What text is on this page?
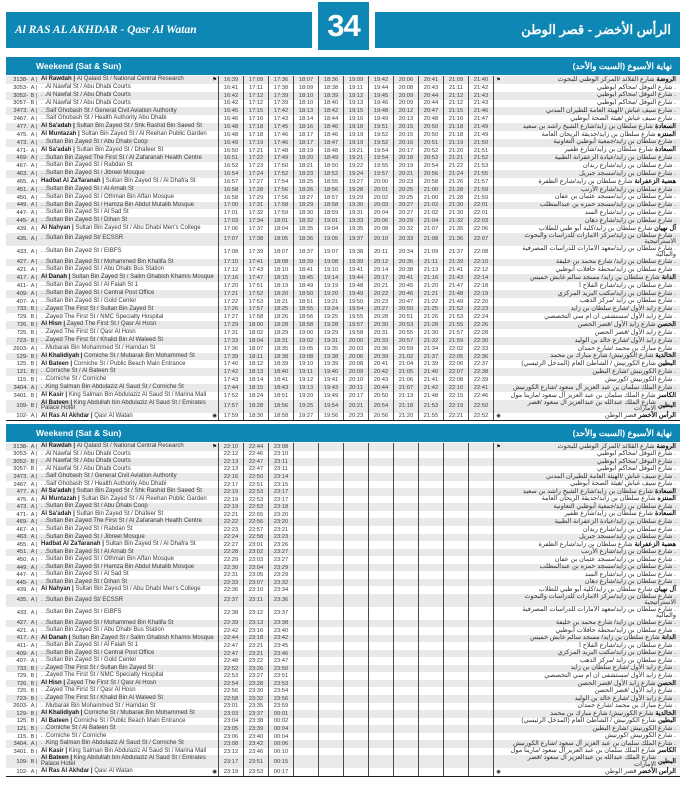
Al RAS AL AKHDAR - Qasr Al Watan	34	الرأس الأخضر - قصر الوطن
Weekend (Sat & Sun)	نهاية الأسبوع (السبت والأحد)
Weekend (Sat & Sun)	نهاية الأسبوع (السبت والأحد)
3138- A | Al Rawdah | Al Qalaid St / National Central Research	⚑	16:39	17:09	17:36	18:07	18:36	19:09	19:42	20:06	20:41	21:09	21:40	⚑	الروضة
شارع القلائد /المركز الوطني للبحوث
3053- A | . .Al Nawfal St / Abu Dhabi Courts	16:41	17:11	17:38	18:09	18:38	19:11	19:44	20:08	20:43	21:11	21:42	. شارع النوفل /محاكم ابوظبي
3052- B | . .Al Nawfal St / Abu Dhabi Courts	16:42	17:12	17:39	18:10	18:39	19:12	19:45	20:09	20:44	21:12	21:43	. شارع النوفل /محاكم ابوظبي
3057- B | . .Al Nawfal St / Abu Dhabi Courts	16:42	17:12	17:39	18:10	18:40	19:13	19:46	20:09	20:44	21:12	21:43	. شارع النوفل /محاكم ابوظبي
2473. A | . .Saif Ghobash St / General Civil Aviation Authority	16:45	17:15	17:42	18:13	18:42	19:15	19:48	20:12	20:47	21:15	21:46	. شارع سيف غباش /الهيئة العامة للطيران المدني
2467. A | . .Saif Ghobash St / Health Authority Abu Dhabi	16:46	17:16	17:43	18:14	18:44	19:16	19:49	20:13	20:48	21:16	21:47	. شارع سيف غباش /هيئة الصحة أبوظبي
477. A | Al Sa'adah | Sultan Bin Zayed St / Shk Rashid Bin Saeed St	16:48	17:18	17:45	18:16	18:46	19:18	19:51	20:15	20:50	21:18	21:49	السعادة
شارع سلطان بن زايد/شارع الشيخ راشد بن سعيد
475. A | Al Muntazah | Sultan Bin Zayed St / Al Reehan Public Garden	16:48	17:18	17:46	18:17	18:46	19:19	19:52	20:15	20:50	21:18	21:49	المنتزه
شارع سلطان بن زايد/حديقة الريحان العامة
473. A | . .Sultan Bin Zayed St / Abu Dhabi Coop	16:49	17:19	17:46	18:17	18:47	19:19	19:52	20:16	20:51	21:19	21:50	. شارع سلطان بن زايد/جمعية أبوظبي التعاونية
471- A | Al Sa'adah | Sultan Bin Zayed St / Dhafeer St	16:50	17:21	17:48	18:19	18:48	19:21	19:54	20:17	20:52	21:20	21:51	السعادة
شارع سلطان بن زايد/شارع ظفير
469- A | . .Sultan Bin Zayed The First St / Al Zafaranah Health Centre	16:51	17:22	17:49	18:20	18:49	19:21	19:54	20:18	20:53	21:21	21:52	. شارع سلطان بن زايد/عيادة الزعفرانة الطبية
467- A | . .Sultan Bin Zayed St / Rabdan St	16:52	17:23	17:50	18:21	18:50	19:22	19:55	20:19	20:54	21:22	21:53	. شارع سلطان بن زايد/شارع ربدان
463. A | . .Sultan Bin Zayed St / Jibreel Mosque	16:54	17:24	17:52	18:23	18:52	19:24	19:57	20:21	20:56	21:24	21:55	. شارع سلطان بن زايد/مسجد جبريل
455. A | Hadbat Al Za'faranah | Sultan Bin Zayed St / Al Dhafra St	16:57	17:27	17:54	18:25	18:55	19:27	20:00	20:23	20:58	21:26	21:57	هضبة الزعفرانة
شارع سلطان بن زايد/شارع الظفرة
451. A | . .Sultan Bin Zayed St / Al Arnab St	16:58	17:28	17:56	18:26	18:56	19:28	20:01	20:25	21:00	21:28	21:59	. شارع سلطان بن زايد/شارع الأرنب
450. A | . .Sultan Bin Zayed St / Othman Bin Affan Mosque	16:58	17:29	17:56	18:27	18:57	19:29	20:02	20:25	21:00	21:28	21:59	. شارع سلطان بن زايد/مسجد عثمان بن عفان
449. A | . .Sultan Bin Zayed St / Hamza Bin Abdul Mutalib Mosque	17:00	17:31	17:58	18:29	18:58	19:30	20:03	20:27	21:02	21:30	22:01	. شارع سلطان بن زايد/مسجد حمزه بن عبدالمطلب
447- A | . .Sultan Bin Zayed St / Al Sad St	17:01	17:32	17:59	18:30	18:59	19:31	20:04	20:27	21:02	21:30	22:01	. شارع سلطان بن زايد/شارع السد
445- A | . .Sultan Bin Zayed St / Dihan St	17:03	17:34	18:01	18:32	19:01	19:33	20:06	20:29	21:04	21:32	22:03	. شارع سلطان بن زايد/شارع دهان
439. A | Al Nahyan | Sultan Bin Zayed St / Abu Dhabi Men's College	17:06	17:37	18:04	18:35	19:04	19:35	20:08	20:32	21:07	21:35	22:06	آل نهيان
شارع سلطان بن زايد/كلية أبو ظبي للطلاب
435. A | . .Sultan Bin Zayed St/ ECSSR	17:07	17:38	18:05	18:36	19:05	19:37	20:10	20:33	21:08	21:36	22:07
. شارع سلطان بن زايد/مركز الامارات للدراسات والبحوث الاستراتيجية
433. A | . .Sultan Bin Zayed St / EIBFS	17:08	17:39	18:07	18:37	19:07	19:38	20:11	20:34	21:09	21:37	22:08
. شارع سلطان بن زايد/معهد الامارات للدراسات المصرفية والمالية
427. A | . .Sultan Bin Zayed St / Mohammed Bin Khalifa St	17:10	17:41	18:08	18:39	19:08	19:39	20:12	20:36	21:11	21:39	22:10	. شارع سلطان بن زايد/ شارع محمد بن خليفة
421. A | . .Sultan Bin Zayed St / Abu Dhabi Bus Station	17:12	17:43	18:10	18:41	19:10	19:41	20:14	20:38	21:13	21:41	22:12	. شارع سلطان بن زايد/محطة حافلات أبوظبي
417. A | Al Danah | Sultan Bin Zayed St / Salim Ghabish Khamis Mosque	17:16	17:47	18:15	18:45	19:14	19:44	20:17	20:41	21:16	21:43	22:14	الدانة
شارع سلطان بن زايد/ مسجد سالم غابش خميس
411- A | . .Sultan Bin Zayed St / Al Falah St 1	17:20	17:51	18:19	18:49	19:19	19:48	20:21	20:45	21:20	21:47	22:18	. شارع سلطان بن زايد/شارع الفلاح ا
409- A | . .Sultan Bin Zayed St / Central Post Office	17:21	17:52	18:20	18:50	19:20	19:49	20:22	20:46	21:21	21:48	22:19	. شارع سلطان بن زايد/مكتب البريد المركزي
407- A | . .Sultan Bin Zayed St / Gold Center	17:22	17:53	18:21	18:51	19:21	19:50	20:23	20:47	21:22	21:49	22:20	. شارع سلطان بن زايد /مركز الذهب
733. B | . .Zayed The First St / Sultan Bin Zayed St	17:26	17:57	18:25	18:55	19:24	19:54	20:27	20:50	21:25	21:52	22:23	. شارع زايد الأول /شارع سلطان بن زايد
729. B | . .Zayed The First St / NMC Specialty Hospital	17:27	17:58	18:26	18:56	19:25	19:55	20:28	20:51	21:26	21:53	22:24	. شارع زايد الأول /مستشفى ان ام سي التخصصي
726. B | Al Hisn | Zayed The First St / Qasr Al Hosn	17:29	18:00	18:28	18:58	19:28	19:57	20:30	20:53	21:28	21:55	22:26	الحصن
شارع زايد الأول /قصر الحصن
725. B | . .Zayed The First St / Qasr Al Hosn	17:31	18:02	18:29	19:00	19:29	19:58	20:31	20:55	21:30	21:57	22:28	. شارع زايد الأول /قصر الحصن
723- B | . .Zayed The First St / Khalid Bin Al Waleed St	17:33	18:04	18:31	19:02	19:31	20:00	20:33	20:57	21:32	21:59	22:30	. شارع زايد الأول /شارع خالد بن الوليد
2603- A | . .Mubarak Bin Mohammed St / Hamdan St	17:36	18:07	18:35	19:05	19:35	20:03	20:36	20:59	21:34	22:02	22:33	. شارع مبارك بن محمد /شارع حمدان
129- B | Al Khalidiyah | Corniche St / Mubarak Bin Mohammed St	17:39	18:11	18:38	19:08	19:38	20:06	20:39	21:02	21:37	22:05	22:36	الخالدية
شارع الكورنيش/ شارع مبارك بن محمد
125. B | Al Bateen | Corniche St / Public Beach Main Entrance	17:40	18:12	18:39	19:10	19:39	20:08	20:41	21:04	21:39	22:06	22:37	البطين
شارع الكورنيش / الشاطئ العام (المدخل الرئيسي)
121. B | . .Corniche St / Al Bateen St	17:42	18:13	18:40	19:11	19:40	20:09	20:42	21:05	21:40	22:07	22:38	. شارع الكورنيش /شارع البطين
115. B | . .Corniche St / Corniche	17:43	18:14	18:41	19:12	19:41	20:10	20:43	21:06	21:41	22:08	22:39	. شارع الكورنيش /كورنيش
3404. A | . .King Salman Bin Abdulaziz Al Saud St / Corniche St	17:44	18:15	18:43	19:13	19:43	20:11	20:44	21:07	21:42	22:10	22:41	. شارع الملك سلمان بن عبد العزيز آل سعود /شارع الكورنيش
3401. B | Al Kasir | King Salman Bin Abdulaziz Al Saud St / Marina Mall	17:52	18:24	18:51	19:20	19:49	20:17	20:50	21:13	21:48	22:15	22:46	الكاسر
شارع الملك سلمان بن عبد العزيز آل سعود /مارينا مول
109- B |
Al Bateen | King Abdullah bin Abdulaziz Al Saud St / Emirates Palace Hotel	17:57	18:28	18:56	19:25	19:54	20:21	20:54	21:18	21:53	22:19	22:50	البطين
شارع الملك عبدالله بن عبدالعزيز آل سعود /قصر الامارات
102- A | Al Ras Al Akhdar | Qasr Al Watan	◉	17:59	18:30	18:58	19:27	19:56	20:23	20:56	21:20	21:55	22:21	22:52	◉	الرأس الأخضر
قصر الوطن
3138- A | Al Rawdah | Al Qalaid St / National Central Research	⚑	22:10	22:44	23:08	⚑	الروضة
شارع القلائد /المركز الوطني للبحوث
3053- A | . .Al Nawfal St / Abu Dhabi Courts	22:12	22:46	23:10	. شارع النوفل /محاكم ابوظبي
3052- B | . .Al Nawfal St / Abu Dhabi Courts	22:13	22:47	23:11	. شارع النوفل /محاكم ابوظبي
3057- B | . .Al Nawfal St / Abu Dhabi Courts	22:13	22:47	23:11	. شارع النوفل /محاكم ابوظبي
2473. A | . .Saif Ghobash St / General Civil Aviation Authority	22:16	22:50	23:14	. شارع سيف غباش /الهيئة العامة للطيران المدني
2467. A | . .Saif Ghobash St / Health Authority Abu Dhabi	22:17	22:51	23:15	. شارع سيف غباش /هيئة الصحة أبوظبي
477. A | Al Sa'adah | Sultan Bin Zayed St / Shk Rashid Bin Saeed St	22:19	22:53	23:17	السعادة
شارع سلطان بن زايد/شارع الشيخ راشد بن سعيد
475. A | Al Muntazah | Sultan Bin Zayed St / Al Reehan Public Garden	22:19	22:53	23:17	المنتزه
شارع سلطان بن زايد/حديقة الريحان العامة
473. A | . .Sultan Bin Zayed St / Abu Dhabi Coop	22:19	22:53	23:18	. شارع سلطان بن زايد/جمعية أبوظبي التعاونية
471- A | Al Sa'adah | Sultan Bin Zayed St / Dhafeer St	22:21	22:55	23:20	السعادة
شارع سلطان بن زايد/شارع ظفير
469- A | . .Sultan Bin Zayed The First St / Al Zafaranah Health Centre	22:22	22:56	23:20	. شارع سلطان بن زايد/عيادة الزعفرانة الطبية
467- A | . .Sultan Bin Zayed St / Rabdan St	22:23	22:57	23:21	. شارع سلطان بن زايد/شارع ربدان
463. A | . .Sultan Bin Zayed St / Jibreel Mosque	22:24	22:58	23:23	. شارع سلطان بن زايد/مسجد جبريل
455. A | Hadbat Al Za'faranah | Sultan Bin Zayed St / Al Dhafra St	22:27	23:01	23:26	هضبة الزعفرانة
شارع سلطان بن زايد/شارع الظفرة
451. A | . .Sultan Bin Zayed St / Al Arnab St	22:28	23:02	23:27	. شارع سلطان بن زايد/شارع الأرنب
450. A | . .Sultan Bin Zayed St / Othman Bin Affan Mosque	22:29	23:03	23:27	. شارع سلطان بن زايد/مسجد عثمان بن عفان
449. A | . .Sultan Bin Zayed St / Hamza Bin Abdul Mutalib Mosque	22:30	23:04	23:29	. شارع سلطان بن زايد/مسجد حمزه بن عبدالمطلب
447- A | . .Sultan Bin Zayed St / Al Sad St	22:31	23:05	23:29	. شارع سلطان بن زايد/شارع السد
445- A | . .Sultan Bin Zayed St / Dihan St	22:33	23:07	23:32	. شارع سلطان بن زايد/شارع دهان
439. A | Al Nahyan | Sultan Bin Zayed St / Abu Dhabi Men's College	22:36	23:10	23:34	آل نهيان
شارع سلطان بن زايد/كلية أبو ظبي للطلاب
435. A | . .Sultan Bin Zayed St/ ECSSR	22:37	23:11	23:36
. شارع سلطان بن زايد/مركز الامارات للدراسات والبحوث الاستراتيجية
433. A | . .Sultan Bin Zayed St / EIBFS	22:38	23:12	23:37
. شارع سلطان بن زايد/معهد الامارات للدراسات المصرفية والمالية
427. A | . .Sultan Bin Zayed St / Mohammed Bin Khalifa St	22:39	23:13	23:38	. شارع سلطان بن زايد/ شارع محمد بن خليفة
421. A | . .Sultan Bin Zayed St / Abu Dhabi Bus Station	22:42	23:16	23:40	. شارع سلطان بن زايد/محطة حافلات أبوظبي
417. A | Al Danah | Sultan Bin Zayed St / Salim Ghabish Khamis Mosque	22:44	23:18	23:42	الدانة
شارع سلطان بن زايد/ مسجد سالم غابش خميس
411- A | . .Sultan Bin Zayed St / Al Falah St 1	22:47	23:21	23:45	. شارع سلطان بن زايد/شارع الفلاح ا
409- A | . .Sultan Bin Zayed St / Central Post Office	22:47	23:21	23:46	. شارع سلطان بن زايد/مكتب البريد المركزي
407- A | . .Sultan Bin Zayed St / Gold Center	22:48	23:22	23:47	. شارع سلطان بن زايد /مركز الذهب
733. B | . .Zayed The First St / Sultan Bin Zayed St	22:52	23:26	23:50	. شارع زايد الأول /شارع سلطان بن زايد
729. B | . .Zayed The First St / NMC Specialty Hospital	22:53	23:27	23:51	. شارع زايد الأول /مستشفى ان ام سي التخصصي
726. B | Al Hisn | Zayed The First St / Qasr Al Hosn	22:54	23:28	23:53	الحصن
شارع زايد الأول /قصر الحصن
725. B | . .Zayed The First St / Qasr Al Hosn	22:56	23:30	23:54	. شارع زايد الأول /قصر الحصن
723- B | . .Zayed The First St / Khalid Bin Al Waleed St	22:58	23:32	23:56	. شارع زايد الأول /شارع خالد بن الوليد
2603- A | . .Mubarak Bin Mohammed St / Hamdan St	23:01	23:35	23:59	. شارع مبارك بن محمد /شارع حمدان
129- B | Al Khalidiyah | Corniche St / Mubarak Bin Mohammed St	23:03	23:37	00:01	الخالدية
شارع الكورنيش/ شارع مبارك بن محمد
125. B | Al Bateen | Corniche St / Public Beach Main Entrance	23:04	23:38	00:02	البطين
شارع الكورنيش / الشاطئ العام (المدخل الرئيسي)
121. B | . .Corniche St / Al Bateen St	23:05	23:39	00:04	. شارع الكورنيش /شارع البطين
115. B | . .Corniche St / Corniche	23:06	23:40	00:04	. شارع الكورنيش /كورنيش
3404. A | . .King Salman Bin Abdulaziz Al Saud St / Corniche St	23:08	23:42	00:06	. شارع الملك سلمان بن عبد العزيز آل سعود /شارع الكورنيش
3401. B | Al Kasir | King Salman Bin Abdulaziz Al Saud St / Marina Mall	23:12	23:46	00:10	الكاسر
شارع الملك سلمان بن عبد العزيز آل سعود /مارينا مول
109- B |
Al Bateen | King Abdullah bin Abdulaziz Al Saud St / Emirates Palace Hotel	23:17	23:51	00:15	البطين
شارع الملك عبدالله بن عبدالعزيز آل سعود /قصر الامارات
102- A | Al Ras Al Akhdar | Qasr Al Watan	◉	23:19	23:53	00:17	◉	الرأس الأخضر
قصر الوطن
